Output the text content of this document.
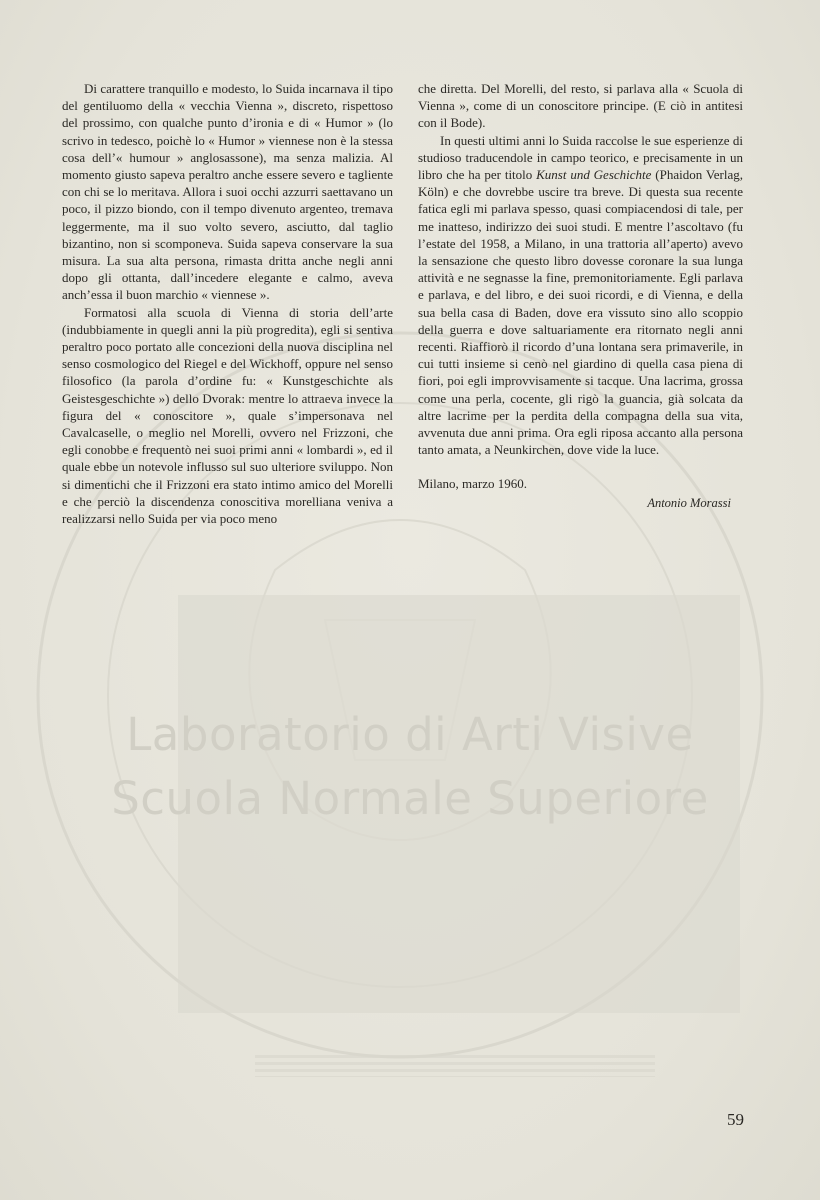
Laboratorio di Arti Visive
Scuola Normale Superiore

Di carattere tranquillo e modesto, lo Suida incarnava il tipo del gentiluomo della « vecchia Vienna », discreto, rispettoso del prossimo, con qualche punto d’ironia e di « Humor » (lo scrivo in tedesco, poichè lo « Humor » viennese non è la stessa cosa dell’« humour » anglosassone), ma senza malizia. Al momento giusto sapeva peraltro anche essere severo e tagliente con chi se lo meritava. Allora i suoi occhi azzurri saettavano un poco, il pizzo biondo, con il tempo divenuto argenteo, tremava leggermente, ma il suo volto severo, asciutto, dal taglio bizantino, non si scomponeva. Suida sapeva conservare la sua misura. La sua alta persona, rimasta dritta anche negli anni dopo gli ottanta, dall’incedere elegante e calmo, aveva anch’essa il buon marchio « viennese ».

Formatosi alla scuola di Vienna di storia dell’arte (indubbiamente in quegli anni la più progredita), egli si sentiva peraltro poco portato alle concezioni della nuova disciplina nel senso cosmologico del Riegel e del Wickhoff, oppure nel senso filosofico (la parola d’ordine fu: « Kunstgeschichte als Geistesgeschichte ») dello Dvorak: mentre lo attraeva invece la figura del « conoscitore », quale s’impersonava nel Cavalcaselle, o meglio nel Morelli, ovvero nel Frizzoni, che egli conobbe e frequentò nei suoi primi anni « lombardi », ed il quale ebbe un notevole influsso sul suo ulteriore sviluppo. Non si dimentichi che il Frizzoni era stato intimo amico del Morelli e che perciò la discendenza conoscitiva morelliana veniva a realizzarsi nello Suida per via poco meno

che diretta. Del Morelli, del resto, si parlava alla « Scuola di Vienna », come di un conoscitore principe. (E ciò in antitesi con il Bode).

In questi ultimi anni lo Suida raccolse le sue esperienze di studioso traducendole in campo teorico, e precisamente in un libro che ha per titolo Kunst und Geschichte (Phaidon Verlag, Köln) e che dovrebbe uscire tra breve. Di questa sua recente fatica egli mi parlava spesso, quasi compiacendosi di tale, per me inatteso, indirizzo dei suoi studi. E mentre l’ascoltavo (fu l’estate del 1958, a Milano, in una trattoria all’aperto) avevo la sensazione che questo libro dovesse coronare la sua lunga attività e ne segnasse la fine, premonitoriamente. Egli parlava e parlava, e del libro, e dei suoi ricordi, e di Vienna, e della sua bella casa di Baden, dove era vissuto sino allo scoppio della guerra e dove saltuariamente era ritornato negli anni recenti. Riaffiorò il ricordo d’una lontana sera primaverile, in cui tutti insieme si cenò nel giardino di quella casa piena di fiori, poi egli improvvisamente si tacque. Una lacrima, grossa come una perla, cocente, gli rigò la guancia, già solcata da altre lacrime per la perdita della compagna della sua vita, avvenuta due anni prima. Ora egli riposa accanto alla persona tanto amata, a Neunkirchen, dove vide la luce.

Milano, marzo 1960.

Antonio Morassi
59
